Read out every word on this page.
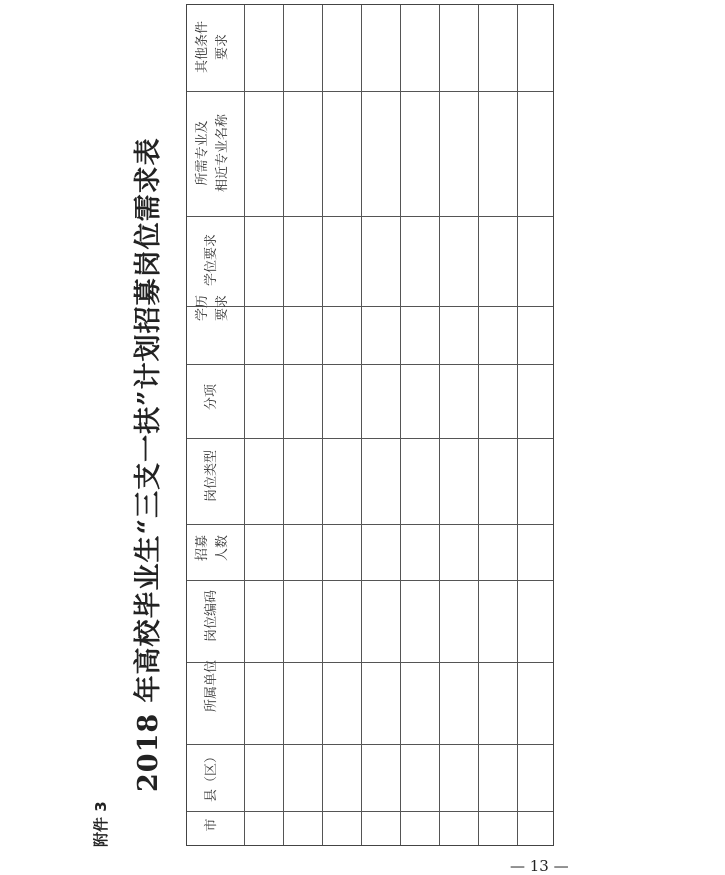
附件 3
2018 年高校毕业生“三支一扶”计划招募岗位需求表
市
县（区）
所属单位
岗位编码
招募 人数
岗位类型
分项
学历 要求
学位要求
所需专业及 相近专业名称
其他条件 要求
— 13 —
